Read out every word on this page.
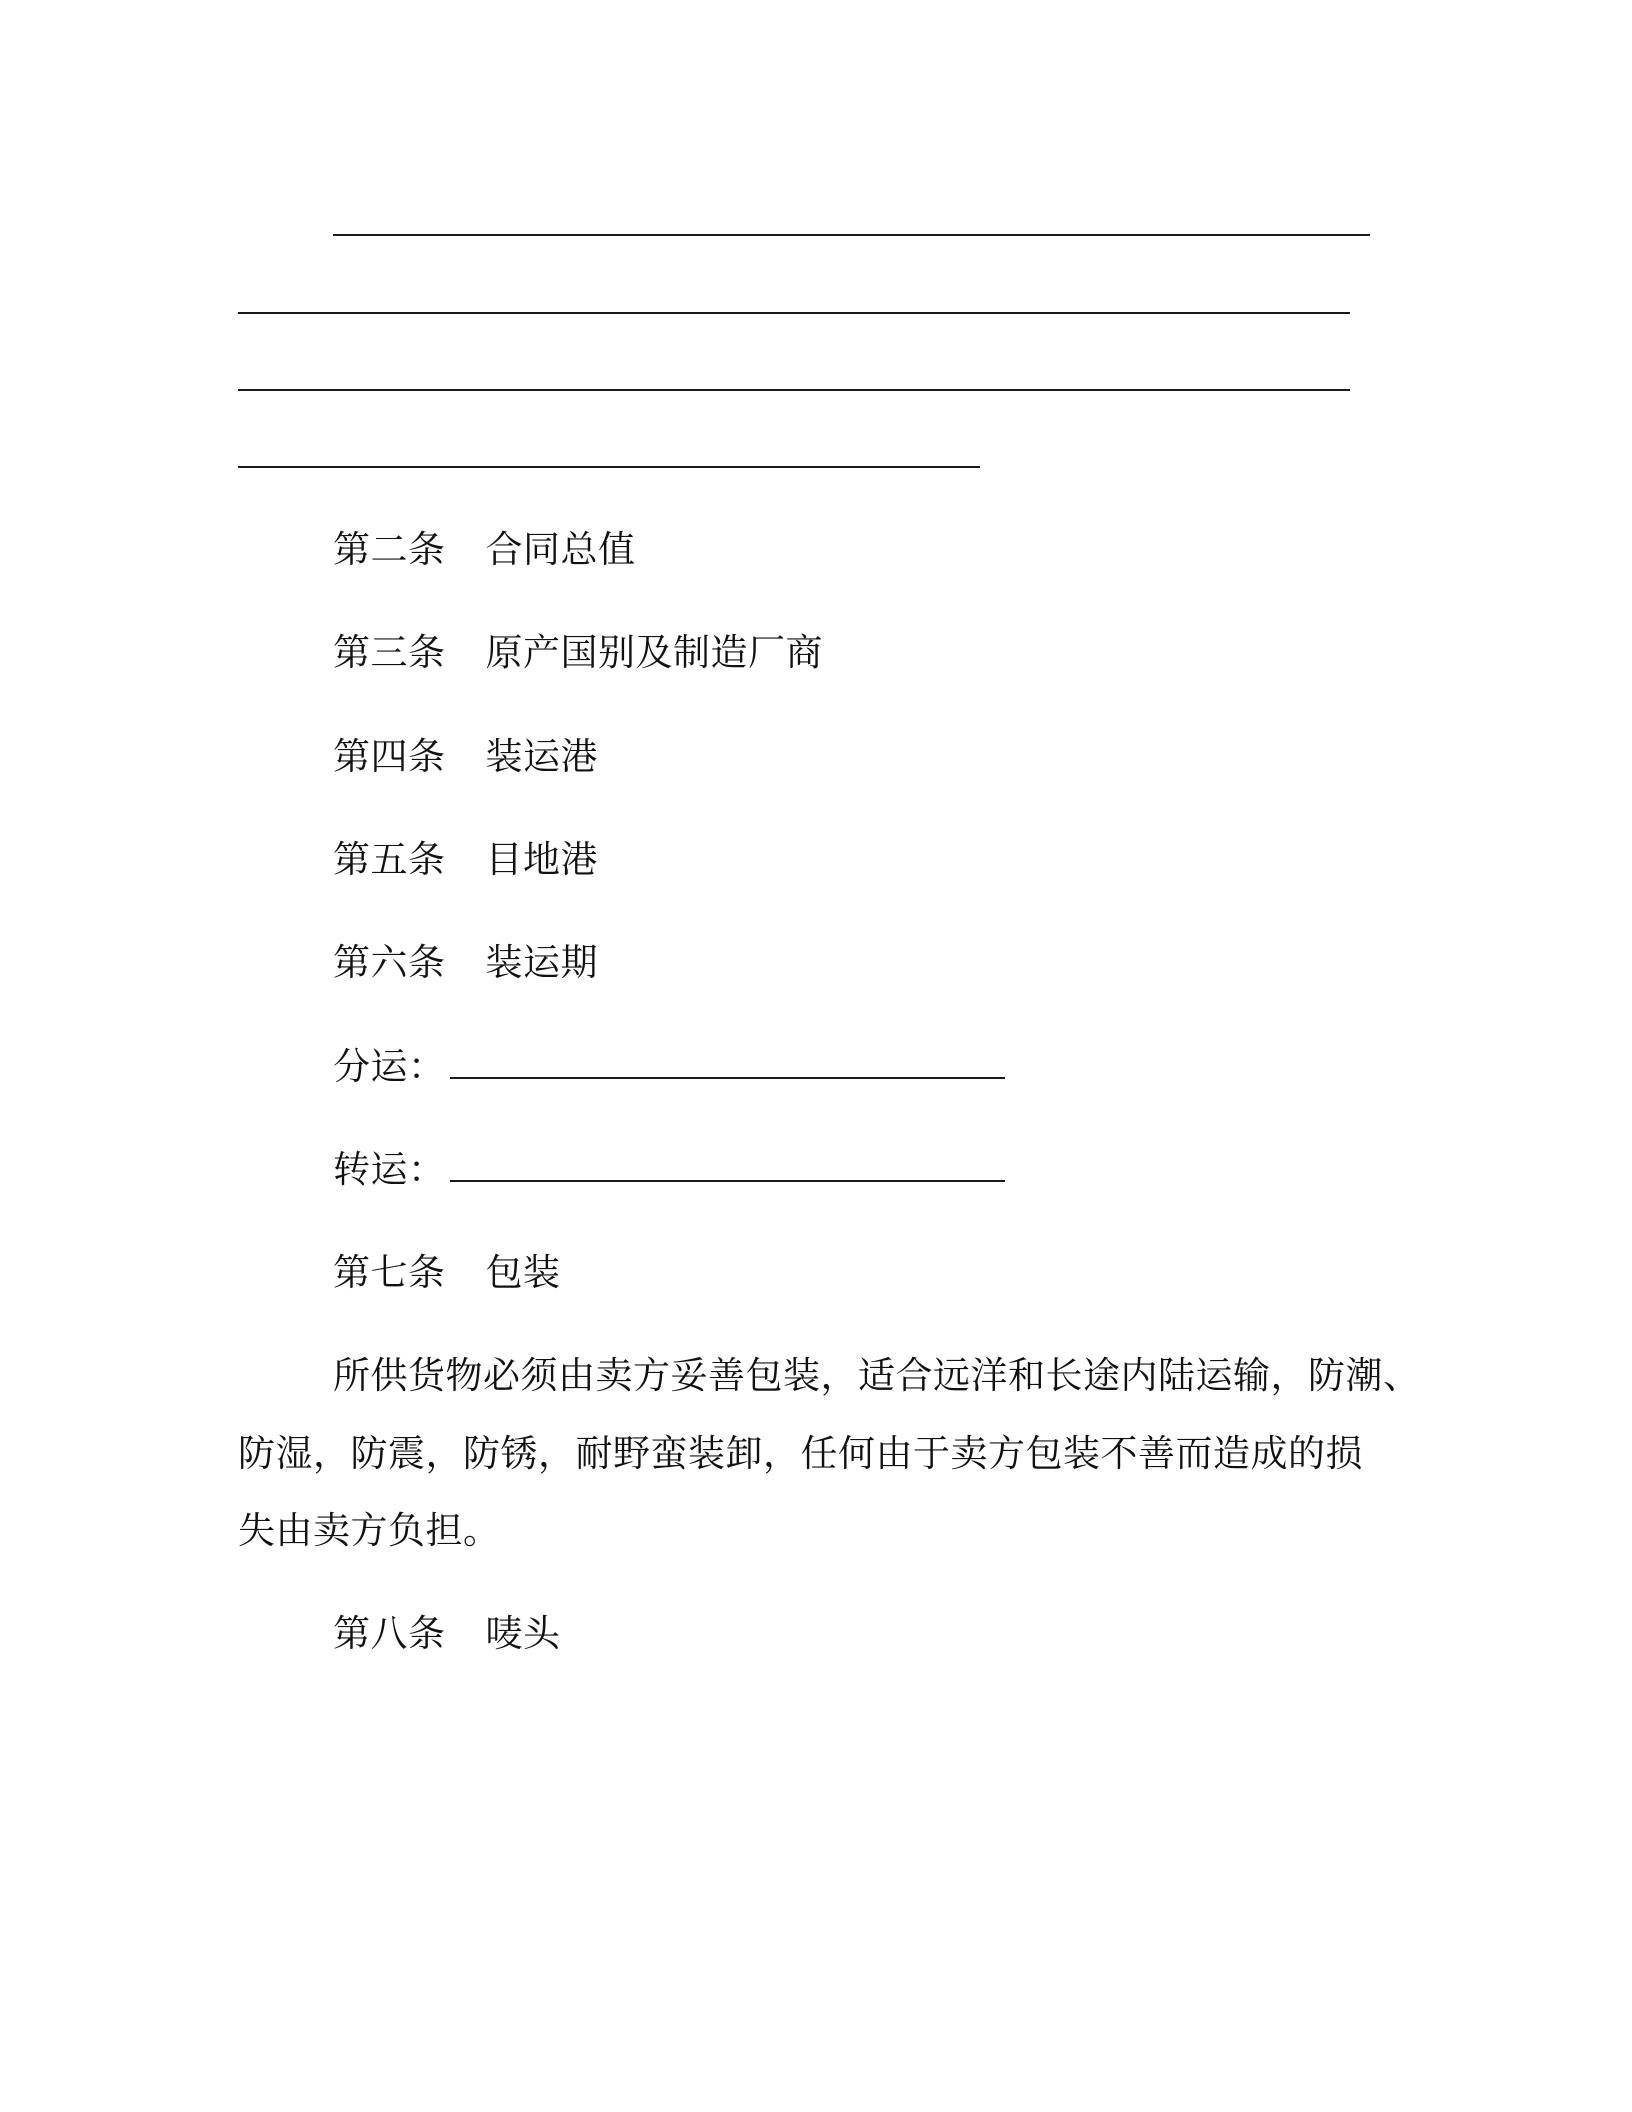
第二条 合同总值
第三条 原产国别及制造厂商
第四条 装运港
第五条 目地港
第六条 装运期
分运：
转运：
第七条 包装
所供货物必须由卖方妥善包装，适合远洋和长途内陆运输，防潮、
防湿，防震，防锈，耐野蛮装卸，任何由于卖方包装不善而造成的损
失由卖方负担。
第八条 唛头
